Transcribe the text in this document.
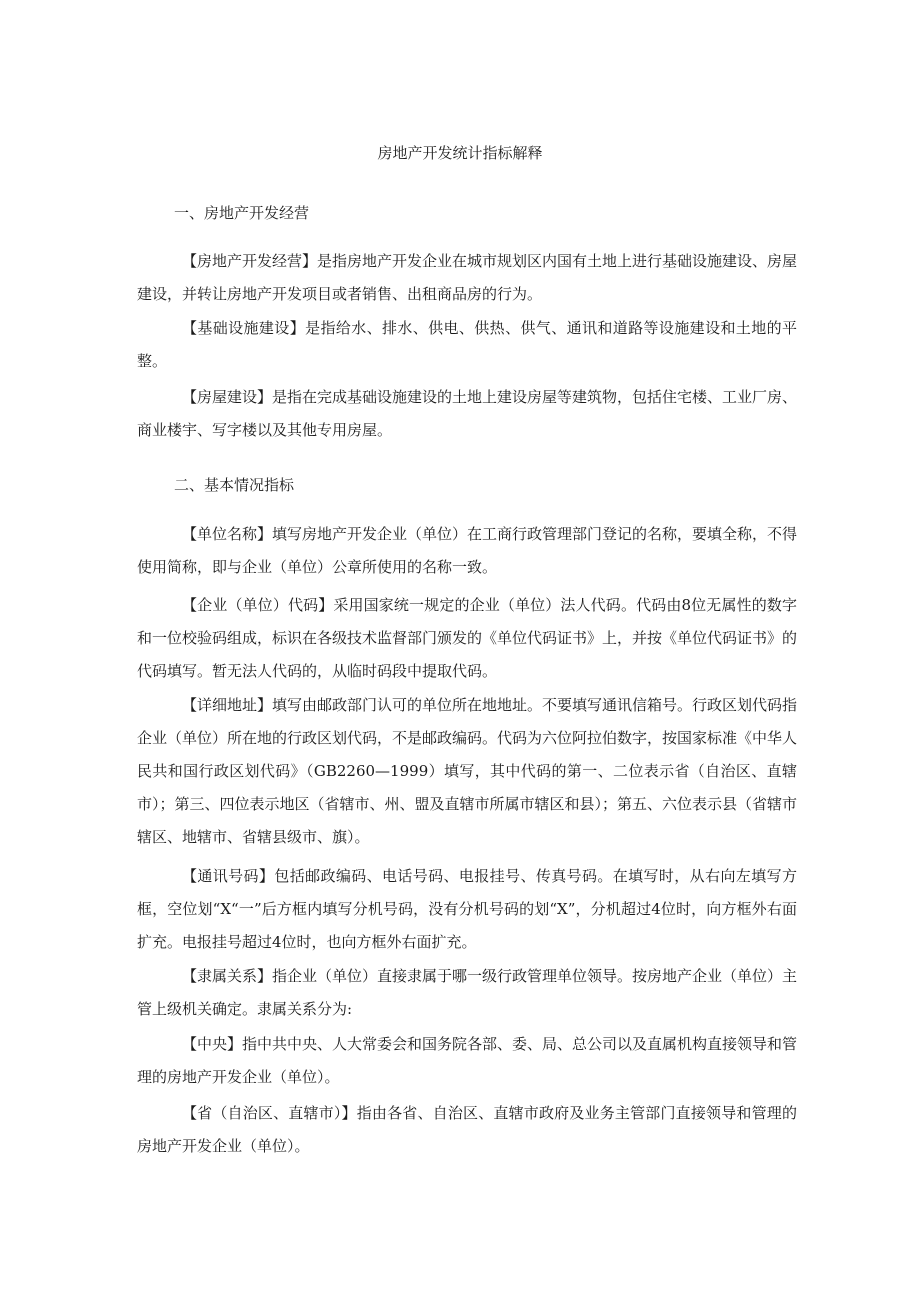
房地产开发统计指标解释
一、房地产开发经营

【房地产开发经营】是指房地产开发企业在城市规划区内国有土地上进行基础设施建设、房屋建设，并转让房地产开发项目或者销售、出租商品房的行为。

【基础设施建设】是指给水、排水、供电、供热、供气、通讯和道路等设施建设和土地的平整。

【房屋建设】是指在完成基础设施建设的土地上建设房屋等建筑物，包括住宅楼、工业厂房、商业楼宇、写字楼以及其他专用房屋。

二、基本情况指标

【单位名称】填写房地产开发企业（单位）在工商行政管理部门登记的名称，要填全称，不得使用简称，即与企业（单位）公章所使用的名称一致。

【企业（单位）代码】采用国家统一规定的企业（单位）法人代码。代码由8位无属性的数字和一位校验码组成，标识在各级技术监督部门颁发的《单位代码证书》上，并按《单位代码证书》的代码填写。暂无法人代码的，从临时码段中提取代码。

【详细地址】填写由邮政部门认可的单位所在地地址。不要填写通讯信箱号。行政区划代码指企业（单位）所在地的行政区划代码，不是邮政编码。代码为六位阿拉伯数字，按国家标准《中华人民共和国行政区划代码》（GB2260—1999）填写，其中代码的第一、二位表示省（自治区、直辖市）；第三、四位表示地区（省辖市、州、盟及直辖市所属市辖区和县）；第五、六位表示县（省辖市辖区、地辖市、省辖县级市、旗）。

【通讯号码】包括邮政编码、电话号码、电报挂号、传真号码。在填写时，从右向左填写方框，空位划“X“一”后方框内填写分机号码，没有分机号码的划“X”，分机超过4位时，向方框外右面扩充。电报挂号超过4位时，也向方框外右面扩充。

【隶属关系】指企业（单位）直接隶属于哪一级行政管理单位领导。按房地产企业（单位）主管上级机关确定。隶属关系分为:

【中央】指中共中央、人大常委会和国务院各部、委、局、总公司以及直属机构直接领导和管理的房地产开发企业（单位）。

【省（自治区、直辖市）】指由各省、自治区、直辖市政府及业务主管部门直接领导和管理的房地产开发企业（单位）。
